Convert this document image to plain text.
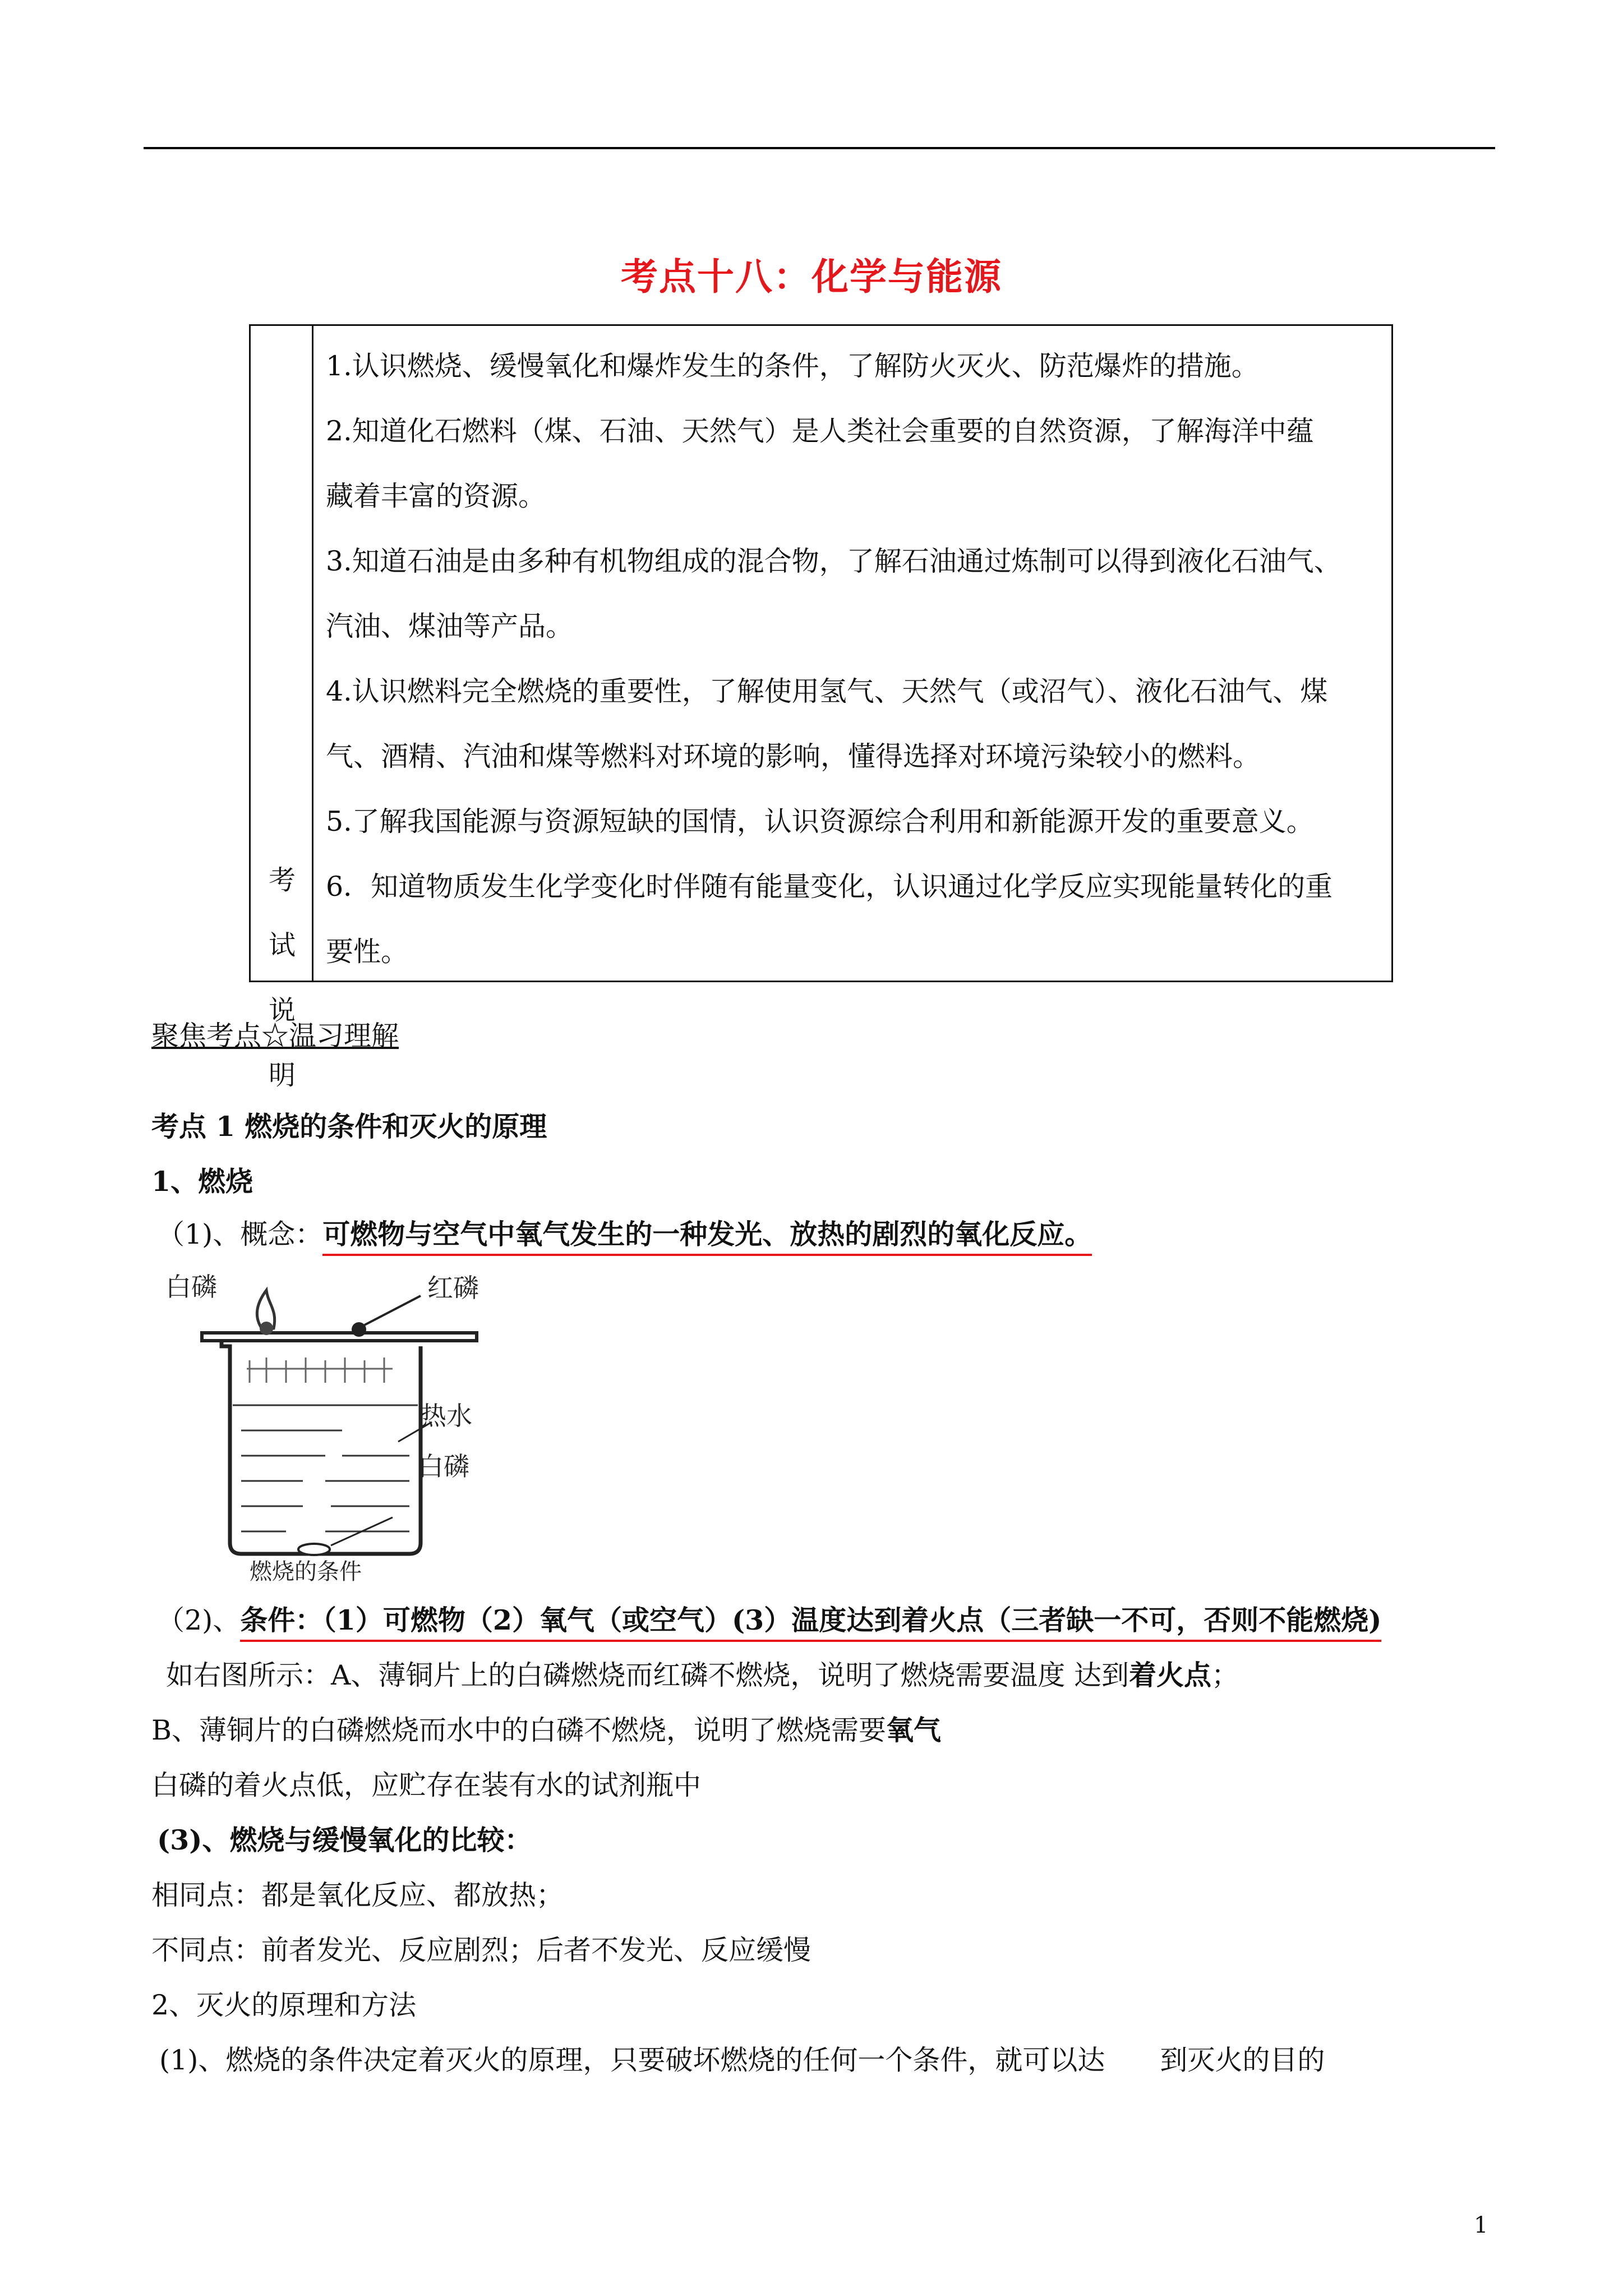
考点十八：化学与能源
考
试
说
明
1.认识燃烧、缓慢氧化和爆炸发生的条件，了解防火灭火、防范爆炸的措施。
2.知道化石燃料（煤、石油、天然气）是人类社会重要的自然资源，了解海洋中蕴
藏着丰富的资源。
3.知道石油是由多种有机物组成的混合物，了解石油通过炼制可以得到液化石油气、
汽油、煤油等产品。
4.认识燃料完全燃烧的重要性，了解使用氢气、天然气（或沼气）、液化石油气、煤
气、酒精、汽油和煤等燃料对环境的影响，懂得选择对环境污染较小的燃料。
5.了解我国能源与资源短缺的国情，认识资源综合利用和新能源开发的重要意义。
6．知道物质发生化学变化时伴随有能量变化，认识通过化学反应实现能量转化的重
要性。
聚焦考点☆温习理解
考点 1 燃烧的条件和灭火的原理
1、燃烧
（1)、概念：可燃物与空气中氧气发生的一种发光、放热的剧烈的氧化反应。
白磷	红磷
热水
白磷
燃烧的条件
（2)、条件：（1）可燃物（2）氧气（或空气）(3）温度达到着火点（三者缺一不可，否则不能燃烧)
如右图所示：A、薄铜片上的白磷燃烧而红磷不燃烧，说明了燃烧需要温度 达到着火点；
B、薄铜片的白磷燃烧而水中的白磷不燃烧，说明了燃烧需要氧气
白磷的着火点低，应贮存在装有水的试剂瓶中
(3)、燃烧与缓慢氧化的比较：
相同点：都是氧化反应、都放热；
不同点：前者发光、反应剧烈；后者不发光、反应缓慢
2、灭火的原理和方法
(1)、燃烧的条件决定着灭火的原理，只要破坏燃烧的任何一个条件，就可以达　　到灭火的目的
1
